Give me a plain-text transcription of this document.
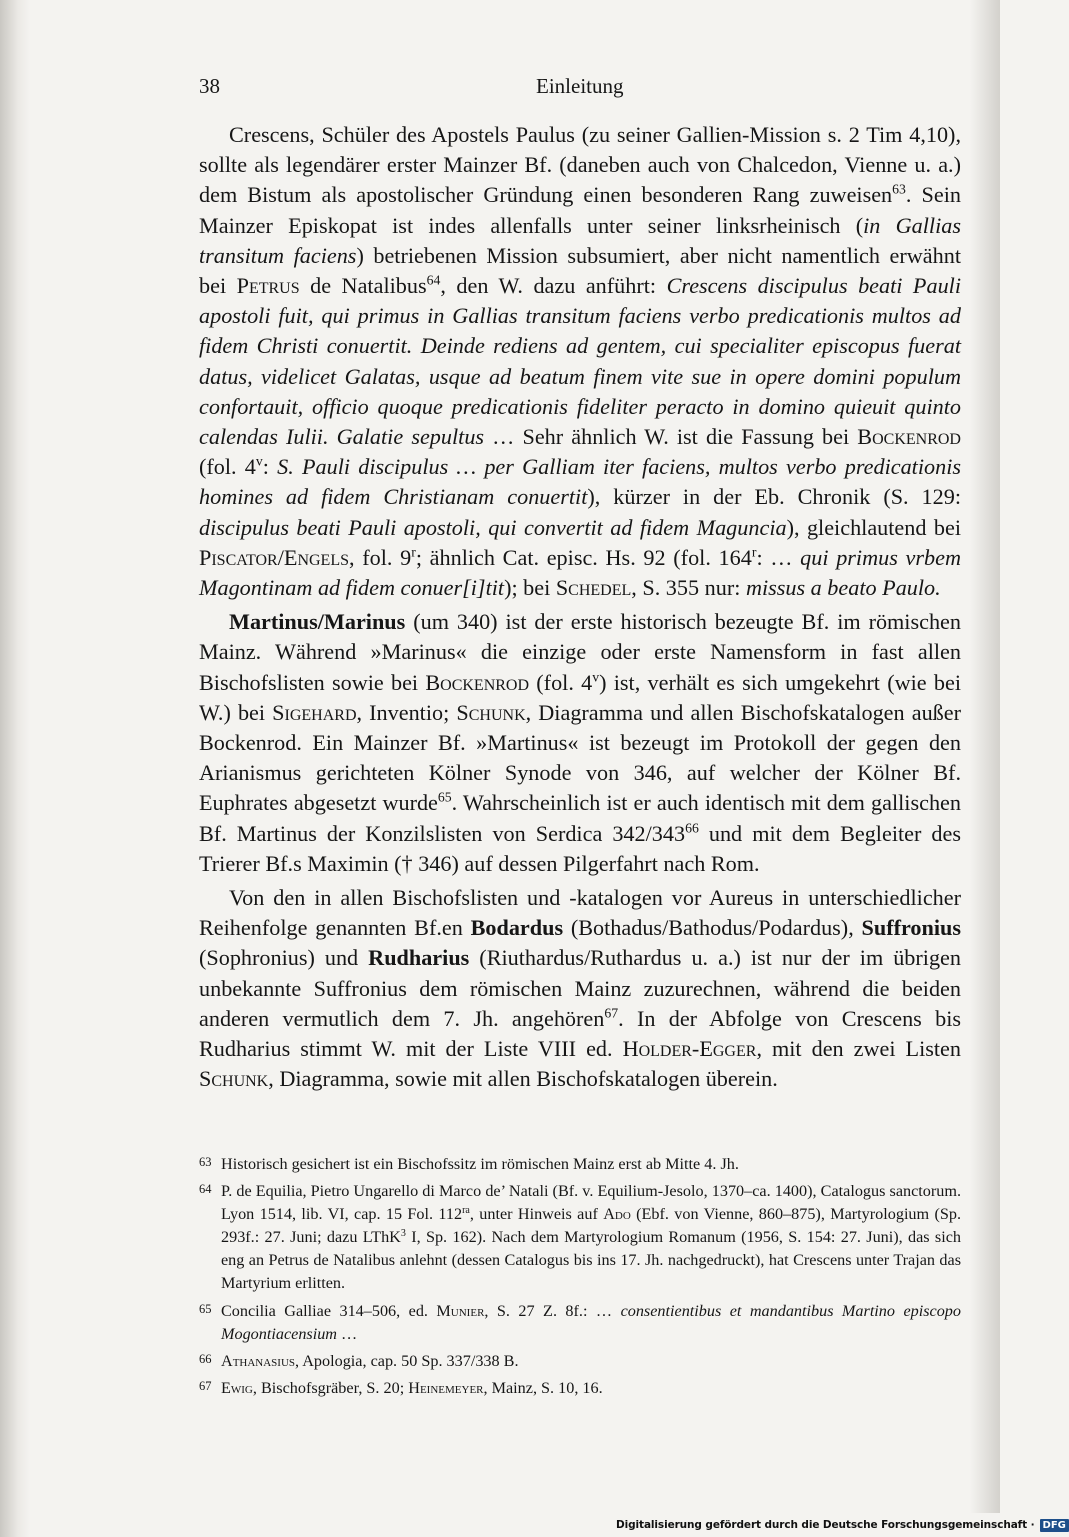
38	Einleitung

Crescens, Schüler des Apostels Paulus (zu seiner Gallien-Mission s. 2 Tim 4,10), sollte als legendärer erster Mainzer Bf. (daneben auch von Chalcedon, Vienne u. a.) dem Bistum als apostolischer Gründung einen besonderen Rang zuweisen$^{63}$. Sein Mainzer Episkopat ist indes allenfalls unter seiner linksrheinisch (in Gallias transitum faciens) betriebenen Mission subsumiert, aber nicht namentlich erwähnt bei Petrus de Natalibus$^{64}$, den W. dazu anführt: Crescens discipulus beati Pauli apostoli fuit, qui primus in Gallias transitum faciens verbo predicationis multos ad fidem Christi conuertit. Deinde rediens ad gentem, cui specialiter episcopus fuerat datus, videlicet Galatas, usque ad beatum finem vite sue in opere domini populum confortauit, officio quoque predicationis fideliter peracto in domino quieuit quinto calendas Iulii. Galatie sepultus … Sehr ähnlich W. ist die Fassung bei Bockenrod (fol. 4$^v$: S. Pauli discipulus … per Galliam iter faciens, multos verbo predicationis homines ad fidem Christianam conuertit), kürzer in der Eb. Chronik (S. 129: discipulus beati Pauli apostoli, qui convertit ad fidem Maguncia), gleichlautend bei Piscator/Engels, fol. 9$^r$; ähnlich Cat. episc. Hs. 92 (fol. 164$^r$: … qui primus vrbem Magontinam ad fidem conuer[i]tit); bei Schedel, S. 355 nur: missus a beato Paulo.

Martinus/Marinus (um 340) ist der erste historisch bezeugte Bf. im römischen Mainz. Während »Marinus« die einzige oder erste Namensform in fast allen Bischofslisten sowie bei Bockenrod (fol. 4$^v$) ist, verhält es sich umgekehrt (wie bei W.) bei Sigehard, Inventio; Schunk, Diagramma und allen Bischofskatalogen außer Bockenrod. Ein Mainzer Bf. »Martinus« ist bezeugt im Protokoll der gegen den Arianismus gerichteten Kölner Synode von 346, auf welcher der Kölner Bf. Euphrates abgesetzt wurde$^{65}$. Wahrscheinlich ist er auch identisch mit dem gallischen Bf. Martinus der Konzilslisten von Serdica $342/343^{66}$ und mit dem Begleiter des Trierer Bf.s Maximin († 346) auf dessen Pilgerfahrt nach Rom.

Von den in allen Bischofslisten und -katalogen vor Aureus in unterschiedlicher Reihenfolge genannten Bf.en Bodardus (Bothadus/Bathodus/Podardus), Suffronius (Sophronius) und Rudharius (Riuthardus/Ruthardus u. a.) ist nur der im übrigen unbekannte Suffronius dem römischen Mainz zuzurechnen, während die beiden anderen vermutlich dem 7. Jh. angehören$^{67}$. In der Abfolge von Crescens bis Rudharius stimmt W. mit der Liste VIII ed. Holder-Egger, mit den zwei Listen Schunk, Diagramma, sowie mit allen Bischofskatalogen überein.

63 Historisch gesichert ist ein Bischofssitz im römischen Mainz erst ab Mitte 4. Jh.
64 P. de Equilia, Pietro Ungarello di Marco de’ Natali (Bf. v. Equilium-Jesolo, 1370–ca. 1400), Catalogus sanctorum. Lyon 1514, lib. VI, cap. 15 Fol. $112^{ra}$, unter Hinweis auf Ado (Ebf. von Vienne, 860–875), Martyrologium (Sp. 293f.: 27. Juni; dazu LThK$^3$ I, Sp. 162). Nach dem Martyrologium Romanum (1956, S. 154: 27. Juni), das sich eng an Petrus de Natalibus anlehnt (dessen Catalogus bis ins 17. Jh. nachgedruckt), hat Crescens unter Trajan das Martyrium erlitten.
65 Concilia Galliae 314–506, ed. Munier, S. 27 Z. 8f.: … consentientibus et mandantibus Martino episcopo Mogontiacensium …
66 Athanasius, Apologia, cap. 50 Sp. 337/338 B.
67 Ewig, Bischofsgräber, S. 20; Heinemeyer, Mainz, S. 10, 16.
Digitalisierung gefördert durch die Deutsche Forschungsgemeinschaft · DFG
